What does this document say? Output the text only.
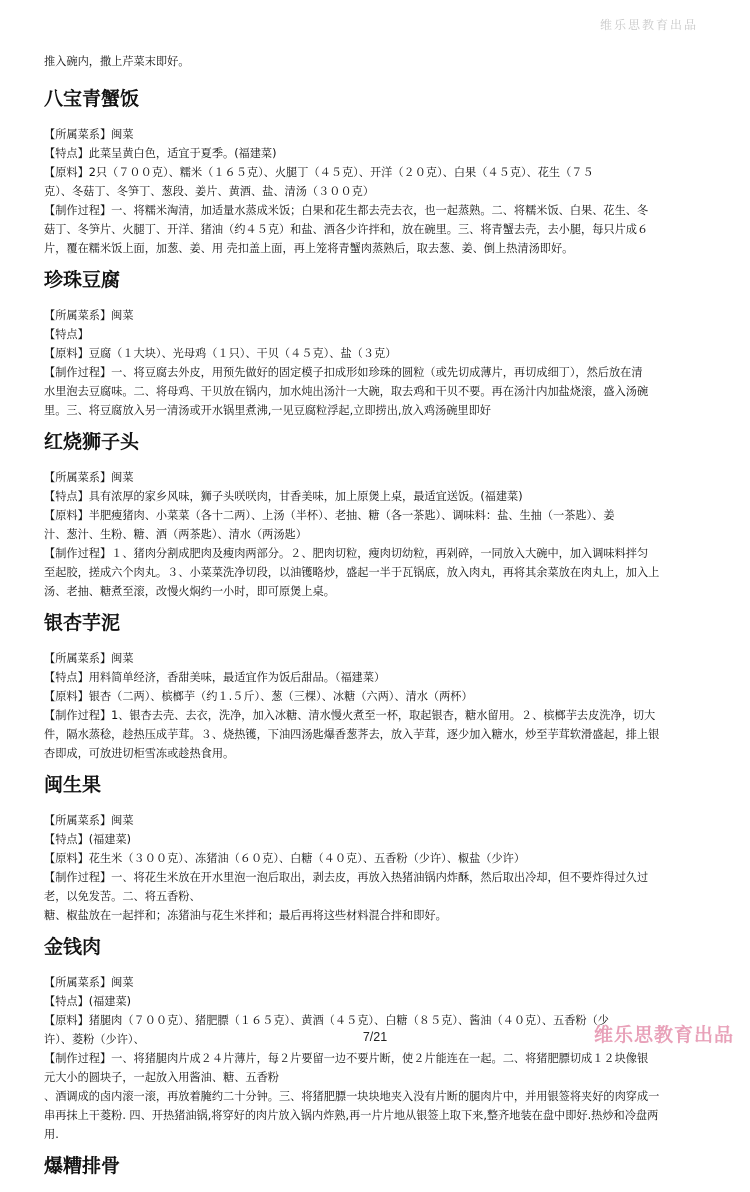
维乐思教育出品
推入碗内，撒上芹菜末即好。
八宝青蟹饭
【所属菜系】闽菜
【特点】此菜呈黄白色，适宜于夏季。(福建菜)
【原料】2只（７００克）、糯米（１６５克）、火腿丁（４５克）、开洋（２０克）、白果（４５克）、花生（７５
克）、冬菇丁、冬笋丁、葱段、姜片、黄酒、盐、清汤（３００克）
【制作过程】一、将糯米淘清，加适量水蒸成米饭；白果和花生都去壳去衣，也一起蒸熟。二、将糯米饭、白果、花生、冬
菇丁、冬笋片、火腿丁、开洋、猪油（约４５克）和盐、酒各少许拌和，放在碗里。三、将青蟹去壳，去小腿，每只片成６
片，覆在糯米饭上面，加葱、姜、用 壳扣盖上面，再上笼将青蟹肉蒸熟后，取去葱、姜、倒上热清汤即好。
珍珠豆腐
【所属菜系】闽菜
【特点】
【原料】豆腐（１大块）、光母鸡（１只）、干贝（４５克）、盐（３克）
【制作过程】一、将豆腐去外皮，用预先做好的固定模子扣成形如珍珠的圆粒（或先切成薄片，再切成细丁），然后放在清
水里泡去豆腐味。二、将母鸡、干贝放在锅内，加水炖出汤汁一大碗，取去鸡和干贝不要。再在汤汁内加盐烧滚，盛入汤碗
里。三、将豆腐放入另一清汤或开水锅里煮沸,一见豆腐粒浮起,立即捞出,放入鸡汤碗里即好
红烧狮子头
【所属菜系】闽菜
【特点】具有浓厚的家乡风味，狮子头咲咲肉，甘香美味，加上原煲上桌，最适宜送饭。(福建菜)
【原料】半肥瘦猪肉、小菜菜（各十二两）、上汤（半杯）、老抽、糖（各一茶匙）、调味料：盐、生抽（一茶匙）、姜
汁、葱汁、生粉、糖、酒（两茶匙）、清水（两汤匙）
【制作过程】１、猪肉分割成肥肉及瘦肉两部分。２、肥肉切粒，瘦肉切幼粒，再剁碎，一同放入大碗中，加入调味料拌匀
至起胶，搓成六个肉丸。３、小菜菜洗净切段，以油镬略炒，盛起一半于瓦锅底，放入肉丸，再将其余菜放在肉丸上，加入上
汤、老抽、糖煮至滚，改慢火焖约一小时，即可原煲上桌。
银杏芋泥
【所属菜系】闽菜
【特点】用料简单经济，香甜美味，最适宜作为饭后甜品。（福建菜）
【原料】银杏（二两）、槟榔芋（约１.５斤）、葱（三棵）、冰糖（六两）、清水（两杯）
【制作过程】1、银杏去壳、去衣，洗净，加入冰糖、清水慢火煮至一杯，取起银杏，糖水留用。２、槟榔芋去皮洗净，切大
件，隔水蒸稔，趁热压成芋茸。３、烧热镬，下油四汤匙爆香葱荠去，放入芋茸，逐少加入糖水，炒至芋茸软滑盛起，排上银
杏即成，可放进切柜雪冻或趁热食用。
闽生果
【所属菜系】闽菜
【特点】(福建菜)
【原料】花生米（３００克）、冻猪油（６０克）、白糖（４０克）、五香粉（少许）、椒盐（少许）
【制作过程】一、将花生米放在开水里泡一泡后取出，剥去皮，再放入热猪油锅内炸酥，然后取出冷却，但不要炸得过久过
老，以免发苦。二、将五香粉、
糖、椒盐放在一起拌和；冻猪油与花生米拌和；最后再将这些材料混合拌和即好。
金钱肉
【所属菜系】闽菜
【特点】(福建菜)
【原料】猪腿肉（７００克）、猪肥膘（１６５克）、黄酒（４５克）、白糖（８５克）、酱油（４０克）、五香粉（少
许）、菱粉（少许）、
【制作过程】一、将猪腿肉片成２４片薄片，每２片要留一边不要片断，使２片能连在一起。二、将猪肥膘切成１２块像银
元大小的圆块子，一起放入用酱油、糖、五香粉
、酒调成的卤内滚一滚，再放着腌约二十分钟。三、将猪肥膘一块块地夹入没有片断的腿肉片中，并用银签将夹好的肉穿成一
串再抹上干菱粉. 四、开热猪油锅,将穿好的肉片放入锅内炸熟,再一片片地从银签上取下来,整齐地装在盘中即好.热炒和冷盘两
用.
爆糟排骨
7/21	维乐思教育出品
